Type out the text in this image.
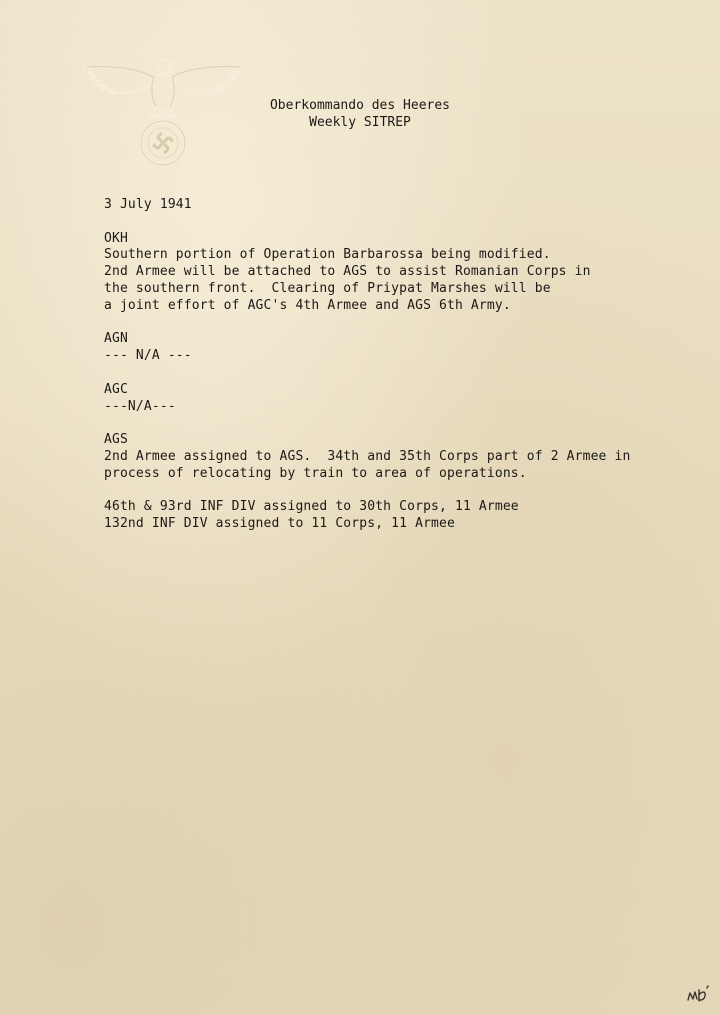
Oberkommando des Heeres
Weekly SITREP
3 July 1941
OKH
Southern portion of Operation Barbarossa being modified.
2nd Armee will be attached to AGS to assist Romanian Corps in
the southern front.  Clearing of Priypat Marshes will be
a joint effort of AGC's 4th Armee and AGS 6th Army.
AGN
--- N/A ---
AGC
---N/A---
AGS
2nd Armee assigned to AGS.  34th and 35th Corps part of 2 Armee in
process of relocating by train to area of operations.
46th & 93rd INF DIV assigned to 30th Corps, 11 Armee
132nd INF DIV assigned to 11 Corps, 11 Armee
